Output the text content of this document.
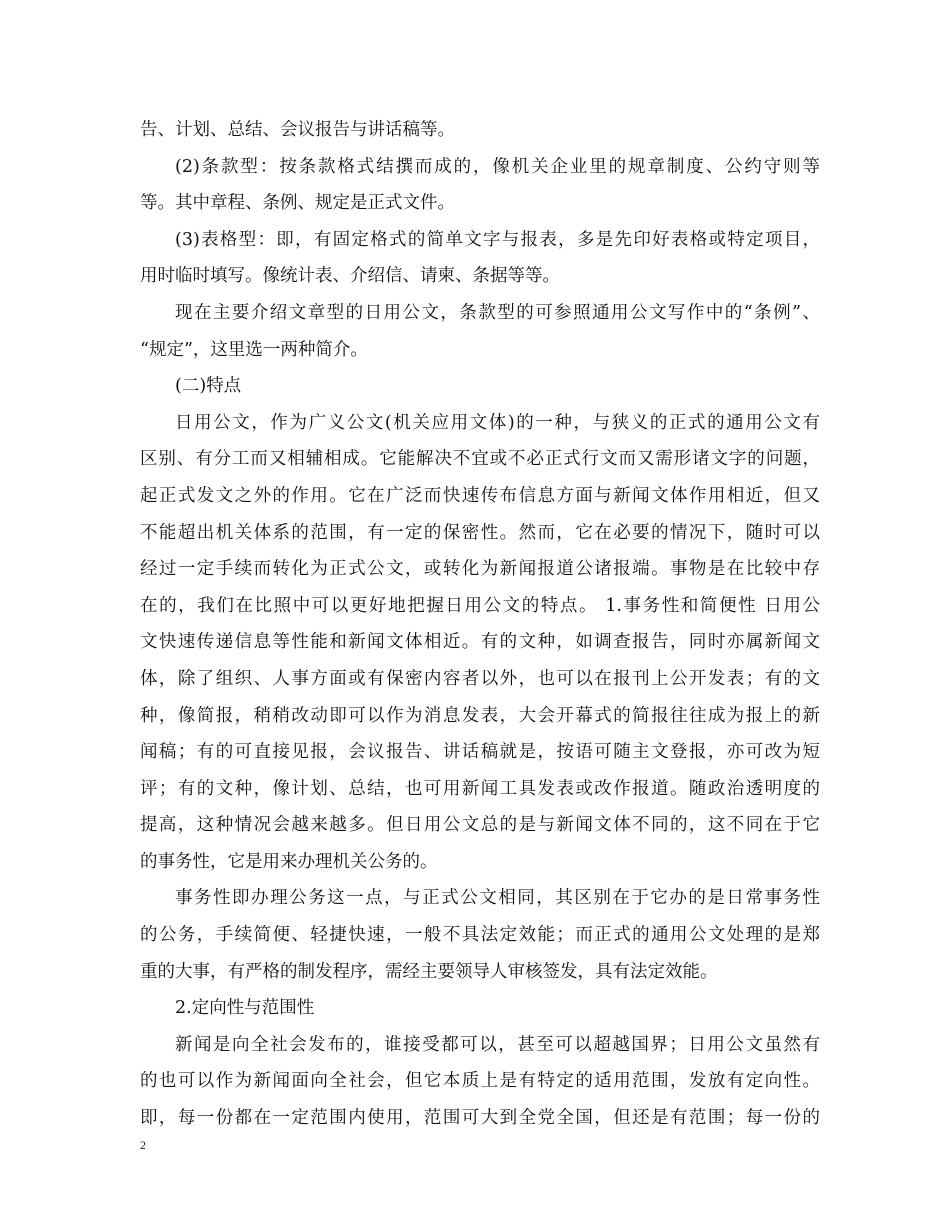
告、计划、总结、会议报告与讲话稿等。
(2)条款型：按条款格式结撰而成的，像机关企业里的规章制度、公约守则等
等。其中章程、条例、规定是正式文件。
(3)表格型：即，有固定格式的简单文字与报表，多是先印好表格或特定项目，
用时临时填写。像统计表、介绍信、请柬、条据等等。
现在主要介绍文章型的日用公文，条款型的可参照通用公文写作中的“条例”、
“规定”，这里选一两种简介。
(二)特点
日用公文，作为广义公文(机关应用文体)的一种，与狭义的正式的通用公文有
区别、有分工而又相辅相成。它能解决不宜或不必正式行文而又需形诸文字的问题，
起正式发文之外的作用。它在广泛而快速传布信息方面与新闻文体作用相近，但又
不能超出机关体系的范围，有一定的保密性。然而，它在必要的情况下，随时可以
经过一定手续而转化为正式公文，或转化为新闻报道公诸报端。事物是在比较中存
在的，我们在比照中可以更好地把握日用公文的特点。 1.事务性和简便性 日用公
文快速传递信息等性能和新闻文体相近。有的文种，如调查报告，同时亦属新闻文
体，除了组织、人事方面或有保密内容者以外，也可以在报刊上公开发表；有的文
种，像简报，稍稍改动即可以作为消息发表，大会开幕式的简报往往成为报上的新
闻稿；有的可直接见报，会议报告、讲话稿就是，按语可随主文登报，亦可改为短
评；有的文种，像计划、总结，也可用新闻工具发表或改作报道。随政治透明度的
提高，这种情况会越来越多。但日用公文总的是与新闻文体不同的，这不同在于它
的事务性，它是用来办理机关公务的。
事务性即办理公务这一点，与正式公文相同，其区别在于它办的是日常事务性
的公务，手续简便、轻捷快速，一般不具法定效能；而正式的通用公文处理的是郑
重的大事，有严格的制发程序，需经主要领导人审核签发，具有法定效能。
2.定向性与范围性
新闻是向全社会发布的，谁接受都可以，甚至可以超越国界；日用公文虽然有
的也可以作为新闻面向全社会，但它本质上是有特定的适用范围，发放有定向性。
即，每一份都在一定范围内使用，范围可大到全党全国，但还是有范围；每一份的
2
